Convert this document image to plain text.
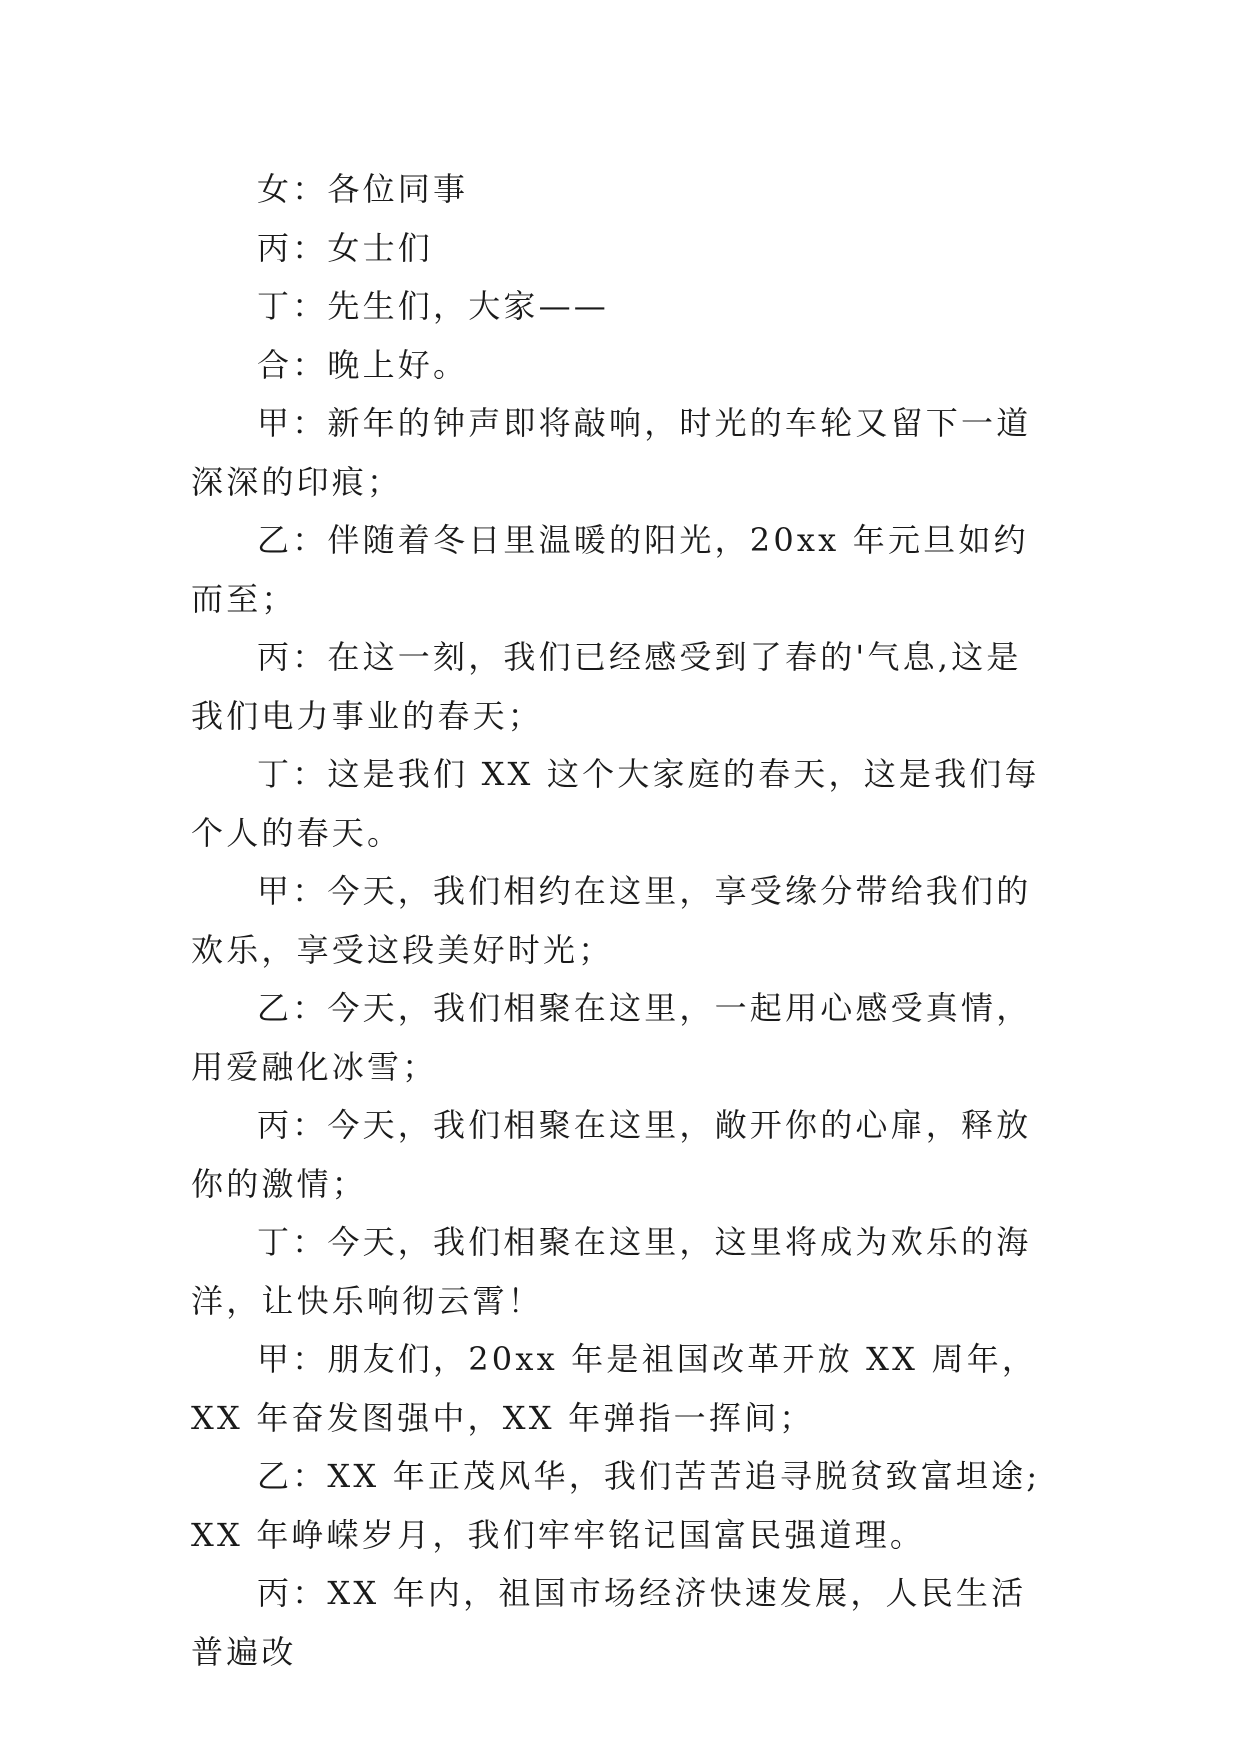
女：各位同事

丙：女士们

丁：先生们，大家——

合：晚上好。

甲：新年的钟声即将敲响，时光的车轮又留下一道深深的印痕；

乙：伴随着冬日里温暖的阳光，20xx 年元旦如约而至；

丙：在这一刻，我们已经感受到了春的'气息,这是我们电力事业的春天；

丁：这是我们 XX 这个大家庭的春天，这是我们每个人的春天。

甲：今天，我们相约在这里，享受缘分带给我们的欢乐，享受这段美好时光；

乙：今天，我们相聚在这里，一起用心感受真情，用爱融化冰雪；

丙：今天，我们相聚在这里，敞开你的心扉，释放你的激情；

丁：今天，我们相聚在这里，这里将成为欢乐的海洋，让快乐响彻云霄！

甲：朋友们，20xx 年是祖国改革开放 XX 周年，XX 年奋发图强中，XX 年弹指一挥间；

乙：XX 年正茂风华，我们苦苦追寻脱贫致富坦途;XX 年峥嵘岁月，我们牢牢铭记国富民强道理。

丙：XX 年内，祖国市场经济快速发展，人民生活普遍改
